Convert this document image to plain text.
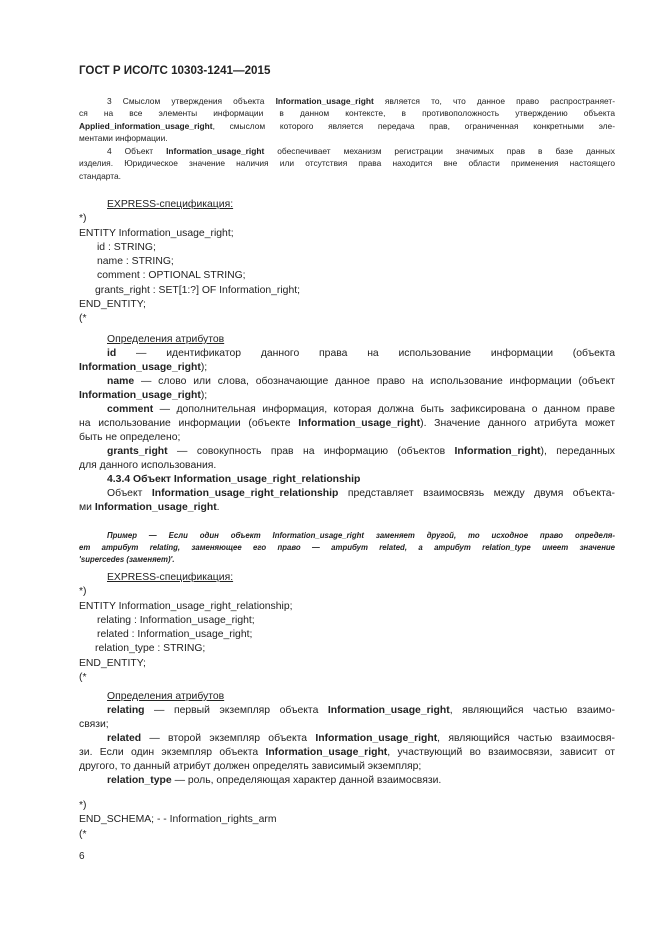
ГОСТ Р ИСО/ТС 10303-1241—2015
3 Смыслом утверждения объекта Information_usage_right является то, что данное право распространяет-
ся на все элементы информации в данном контексте, в противоположность утверждению объекта
Applied_information_usage_right, смыслом которого является передача прав, ограниченная конкретными эле-
ментами информации.
4 Объект Information_usage_right обеспечивает механизм регистрации значимых прав в базе данных
изделия. Юридическое значение наличия или отсутствия права находится вне области применения настоящего
стандарта.
EXPRESS-спецификация:
*)
ENTITY Information_usage_right;
id : STRING;
name : STRING;
comment : OPTIONAL STRING;
grants_right : SET[1:?] OF Information_right;
END_ENTITY;
(*
Определения атрибутов
id — идентификатор данного права на использование информации (объекта
Information_usage_right);
name — слово или слова, обозначающие данное право на использование информации (объект
Information_usage_right);
comment — дополнительная информация, которая должна быть зафиксирована о данном праве
на использование информации (объекте Information_usage_right). Значение данного атрибута может
быть не определено;
grants_right — совокупность прав на информацию (объектов Information_right), переданных
для данного использования.
4.3.4 Объект Information_usage_right_relationship
Объект Information_usage_right_relationship представляет взаимосвязь между двумя объекта-
ми Information_usage_right.
Пример — Если один объект Information_usage_right заменяет другой, то исходное право определя-
ет атрибут relating, заменяющее его право — атрибут related, а атрибут relation_type имеет значение
'supercedes (заменяет)'.
EXPRESS-спецификация:
*)
ENTITY Information_usage_right_relationship;
relating : Information_usage_right;
related : Information_usage_right;
relation_type : STRING;
END_ENTITY;
(*
Определения атрибутов
relating — первый экземпляр объекта Information_usage_right, являющийся частью взаимо-
связи;
related — второй экземпляр объекта Information_usage_right, являющийся частью взаимосвя-
зи. Если один экземпляр объекта Information_usage_right, участвующий во взаимосвязи, зависит от
другого, то данный атрибут должен определять зависимый экземпляр;
relation_type — роль, определяющая характер данной взаимосвязи.
*)
END_SCHEMA; - - Information_rights_arm
(*
6
